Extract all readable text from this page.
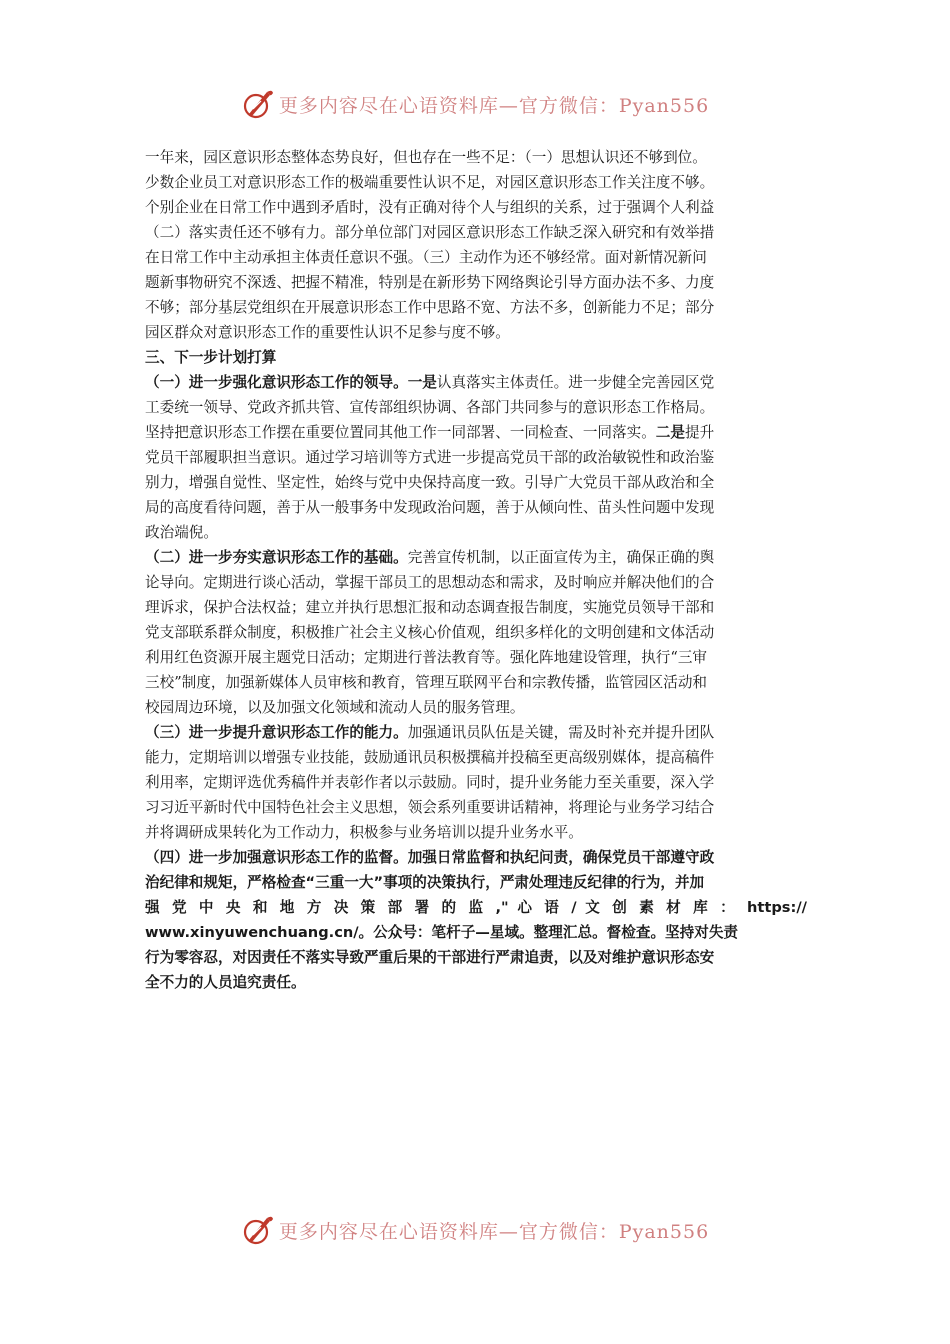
更多内容尽在心语资料库—官方微信：Pyan556
一年来，园区意识形态整体态势良好，但也存在一些不足：（一）思想认识还不够到位。
少数企业员工对意识形态工作的极端重要性认识不足，对园区意识形态工作关注度不够。
个别企业在日常工作中遇到矛盾时，没有正确对待个人与组织的关系，过于强调个人利益
（二）落实责任还不够有力。部分单位部门对园区意识形态工作缺乏深入研究和有效举措
在日常工作中主动承担主体责任意识不强。（三）主动作为还不够经常。面对新情况新问
题新事物研究不深透、把握不精准，特别是在新形势下网络舆论引导方面办法不多、力度
不够；部分基层党组织在开展意识形态工作中思路不宽、方法不多，创新能力不足；部分
园区群众对意识形态工作的重要性认识不足参与度不够。
三、下一步计划打算
（一）进一步强化意识形态工作的领导。一是认真落实主体责任。进一步健全完善园区党
工委统一领导、党政齐抓共管、宣传部组织协调、各部门共同参与的意识形态工作格局。
坚持把意识形态工作摆在重要位置同其他工作一同部署、一同检查、一同落实。二是提升
党员干部履职担当意识。通过学习培训等方式进一步提高党员干部的政治敏锐性和政治鉴
别力，增强自觉性、坚定性，始终与党中央保持高度一致。引导广大党员干部从政治和全
局的高度看待问题，善于从一般事务中发现政治问题，善于从倾向性、苗头性问题中发现
政治端倪。
（二）进一步夯实意识形态工作的基础。完善宣传机制，以正面宣传为主，确保正确的舆
论导向。定期进行谈心活动，掌握干部员工的思想动态和需求，及时响应并解决他们的合
理诉求，保护合法权益；建立并执行思想汇报和动态调查报告制度，实施党员领导干部和
党支部联系群众制度，积极推广社会主义核心价值观，组织多样化的文明创建和文体活动
利用红色资源开展主题党日活动；定期进行普法教育等。强化阵地建设管理，执行“三审
三校”制度，加强新媒体人员审核和教育，管理互联网平台和宗教传播，监管园区活动和
校园周边环境，以及加强文化领域和流动人员的服务管理。
（三）进一步提升意识形态工作的能力。加强通讯员队伍是关键，需及时补充并提升团队
能力，定期培训以增强专业技能，鼓励通讯员积极撰稿并投稿至更高级别媒体，提高稿件
利用率，定期评选优秀稿件并表彰作者以示鼓励。同时，提升业务能力至关重要，深入学
习习近平新时代中国特色社会主义思想，领会系列重要讲话精神，将理论与业务学习结合
并将调研成果转化为工作动力，积极参与业务培训以提升业务水平。
（四）进一步加强意识形态工作的监督。加强日常监督和执纪问责，确保党员干部遵守政
治纪律和规矩，严格检查“三重一大”事项的决策执行，严肃处理违反纪律的行为，并加
强 党 中 央 和 地 方 决 策 部 署 的 监 ," 心 语 / 文 创 素 材 库 ： https://
www.xinyuwenchuang.cn/。公众号：笔杆子—星域。整理汇总。督检查。坚持对失责
行为零容忍，对因责任不落实导致严重后果的干部进行严肃追责，以及对维护意识形态安
全不力的人员追究责任。
更多内容尽在心语资料库—官方微信：Pyan556
